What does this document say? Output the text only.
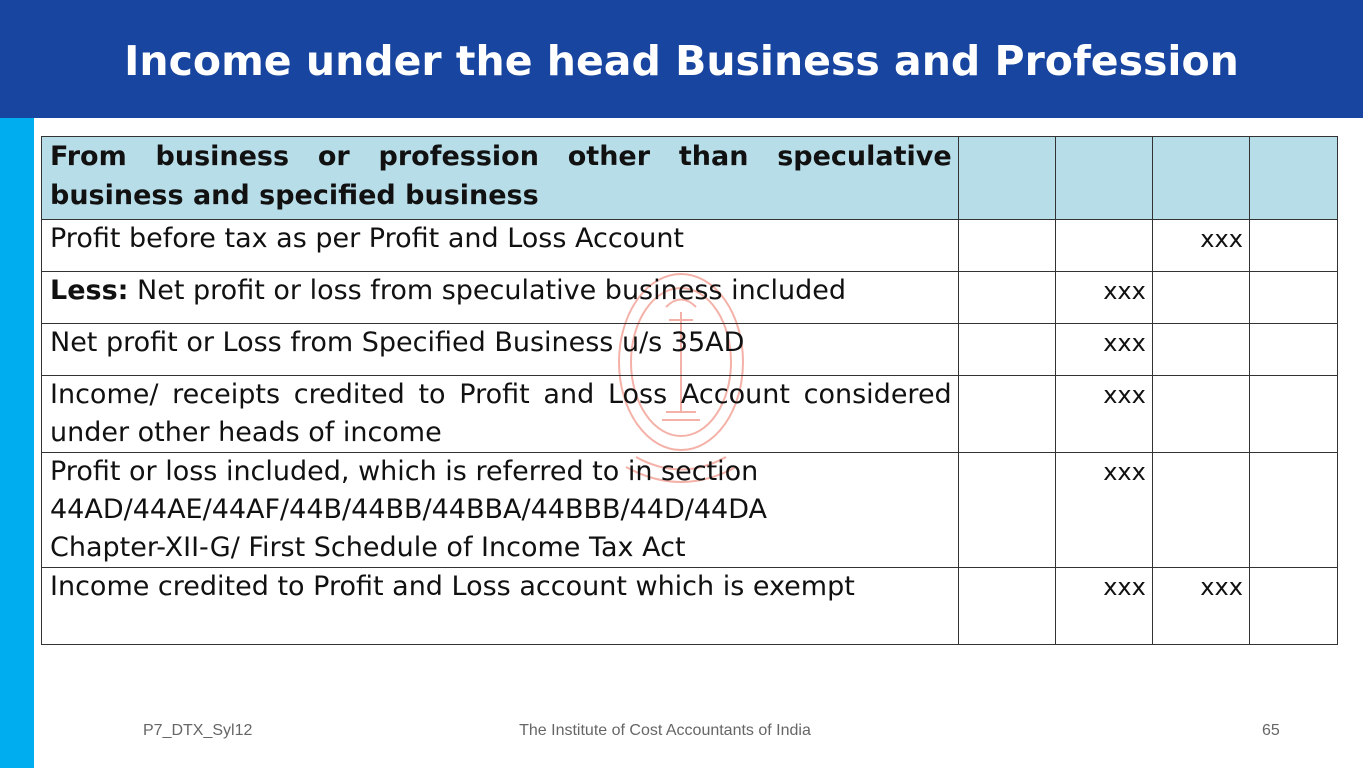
Income under the head Business and Profession
From business or profession other than speculative business and specified business				
Profit before tax as per Profit and Loss Account			xxx	
Less: Net profit or loss from speculative business included		xxx		
Net profit or Loss from Specified Business u/s 35AD		xxx		
Income/ receipts credited to Profit and Loss Account considered under other heads of income		xxx		

Profit or loss included, which is referred to in section
44AD/44AE/44AF/44B/44BB/44BBA/44BBB/44D/44DA
Chapter-XII-G/ First Schedule of Income Tax Act		xxx		
Income credited to Profit and Loss account which is exempt		xxx	xxx	
P7_DTX_Syl12	The Institute of Cost Accountants of India	65
